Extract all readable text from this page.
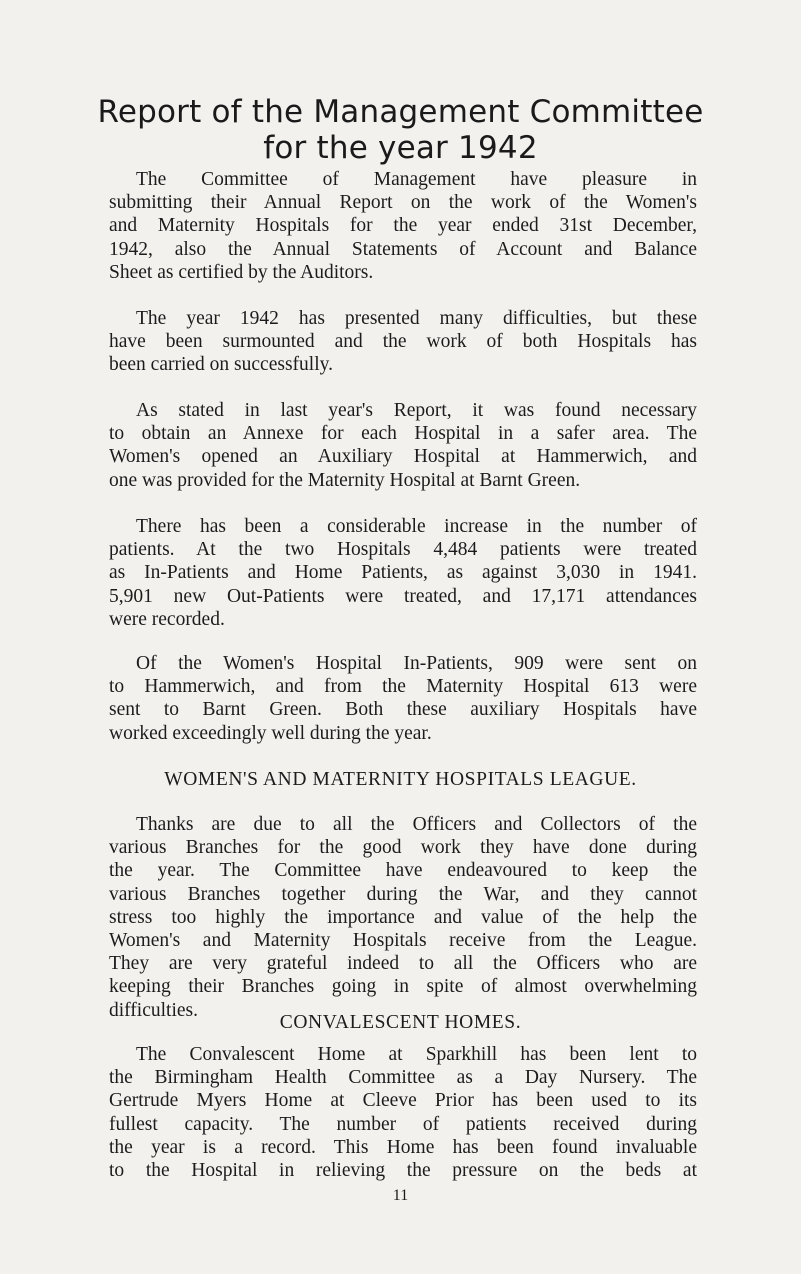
Report of the Management Committee
for the year 1942

The Committee of Management have pleasure in
submitting their Annual Report on the work of the Women's
and Maternity Hospitals for the year ended 31st December,
1942, also the Annual Statements of Account and Balance
Sheet as certified by the Auditors.

The year 1942 has presented many difficulties, but these
have been surmounted and the work of both Hospitals has
been carried on successfully.

As stated in last year's Report, it was found necessary
to obtain an Annexe for each Hospital in a safer area. The
Women's opened an Auxiliary Hospital at Hammerwich, and
one was provided for the Maternity Hospital at Barnt Green.

There has been a considerable increase in the number of
patients. At the two Hospitals 4,484 patients were treated
as In-Patients and Home Patients, as against 3,030 in 1941.
5,901 new Out-Patients were treated, and 17,171 attendances
were recorded.

Of the Women's Hospital In-Patients, 909 were sent on
to Hammerwich, and from the Maternity Hospital 613 were
sent to Barnt Green. Both these auxiliary Hospitals have
worked exceedingly well during the year.

WOMEN'S AND MATERNITY HOSPITALS LEAGUE.

Thanks are due to all the Officers and Collectors of the
various Branches for the good work they have done during
the year. The Committee have endeavoured to keep the
various Branches together during the War, and they cannot
stress too highly the importance and value of the help the
Women's and Maternity Hospitals receive from the League.
They are very grateful indeed to all the Officers who are
keeping their Branches going in spite of almost overwhelming
difficulties.

CONVALESCENT HOMES.

The Convalescent Home at Sparkhill has been lent to
the Birmingham Health Committee as a Day Nursery. The
Gertrude Myers Home at Cleeve Prior has been used to its
fullest capacity. The number of patients received during
the year is a record. This Home has been found invaluable
to the Hospital in relieving the pressure on the beds at

11
